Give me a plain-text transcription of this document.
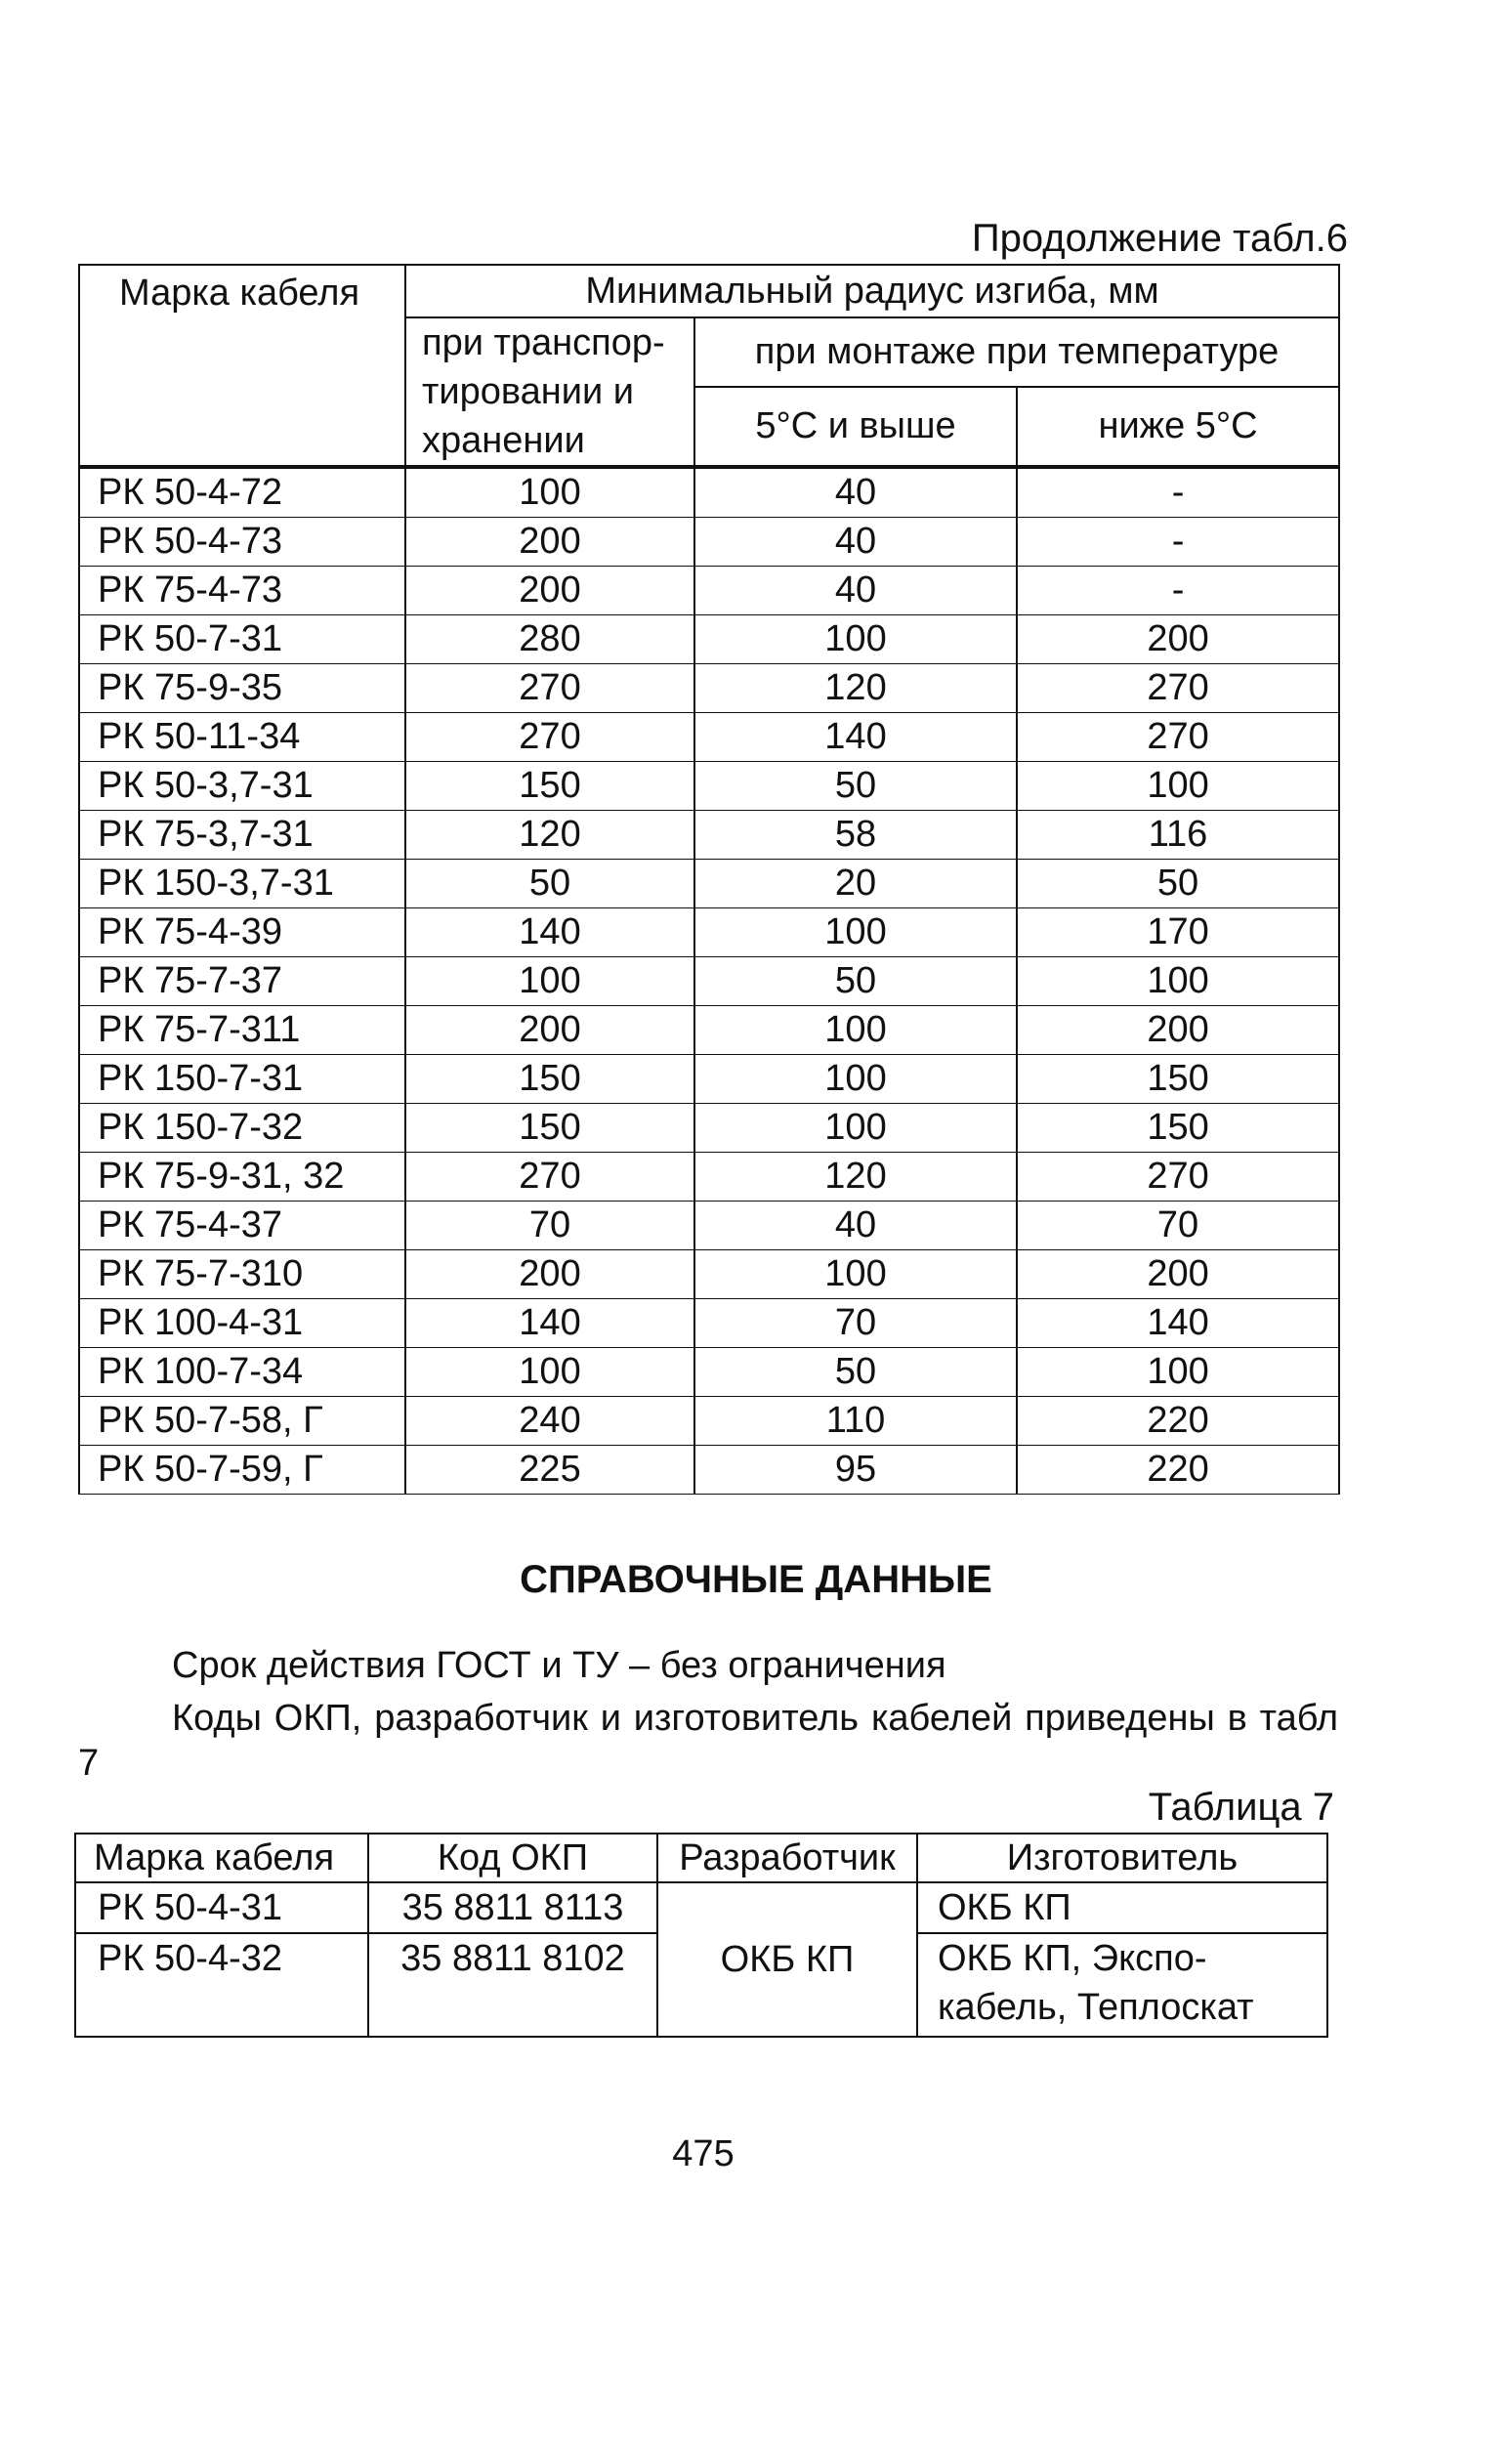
Продолжение табл.6
Марка кабеля	Минимальный радиус изгиба, мм		
	при транспор-тировании и хранении	при монтаже при температуре	
		5°С и выше	ниже 5°С
РК 50-4-72	100	40	-
РК 50-4-73	200	40	-
РК 75-4-73	200	40	-
РК 50-7-31	280	100	200
РК 75-9-35	270	120	270
РК 50-11-34	270	140	270
РК 50-3,7-31	150	50	100
РК 75-3,7-31	120	58	116
РК 150-3,7-31	50	20	50
РК 75-4-39	140	100	170
РК 75-7-37	100	50	100
РК 75-7-311	200	100	200
РК 150-7-31	150	100	150
РК 150-7-32	150	100	150
РК 75-9-31, 32	270	120	270
РК 75-4-37	70	40	70
РК 75-7-310	200	100	200
РК 100-4-31	140	70	140
РК 100-7-34	100	50	100
РК 50-7-58, Г	240	110	220
РК 50-7-59, Г	225	95	220
СПРАВОЧНЫЕ ДАННЫЕ
Срок действия ГОСТ и ТУ – без ограничения
Коды ОКП, разработчик и изготовитель кабелей приведены в табл 7
Таблица 7
Марка кабеля	Код ОКП	Разработчик	Изготовитель
РК 50-4-31	35 8811 8113	ОКБ КП	ОКБ КП
РК 50-4-32	35 8811 8102		ОКБ КП, Экспо-кабель, Теплоскат
475
